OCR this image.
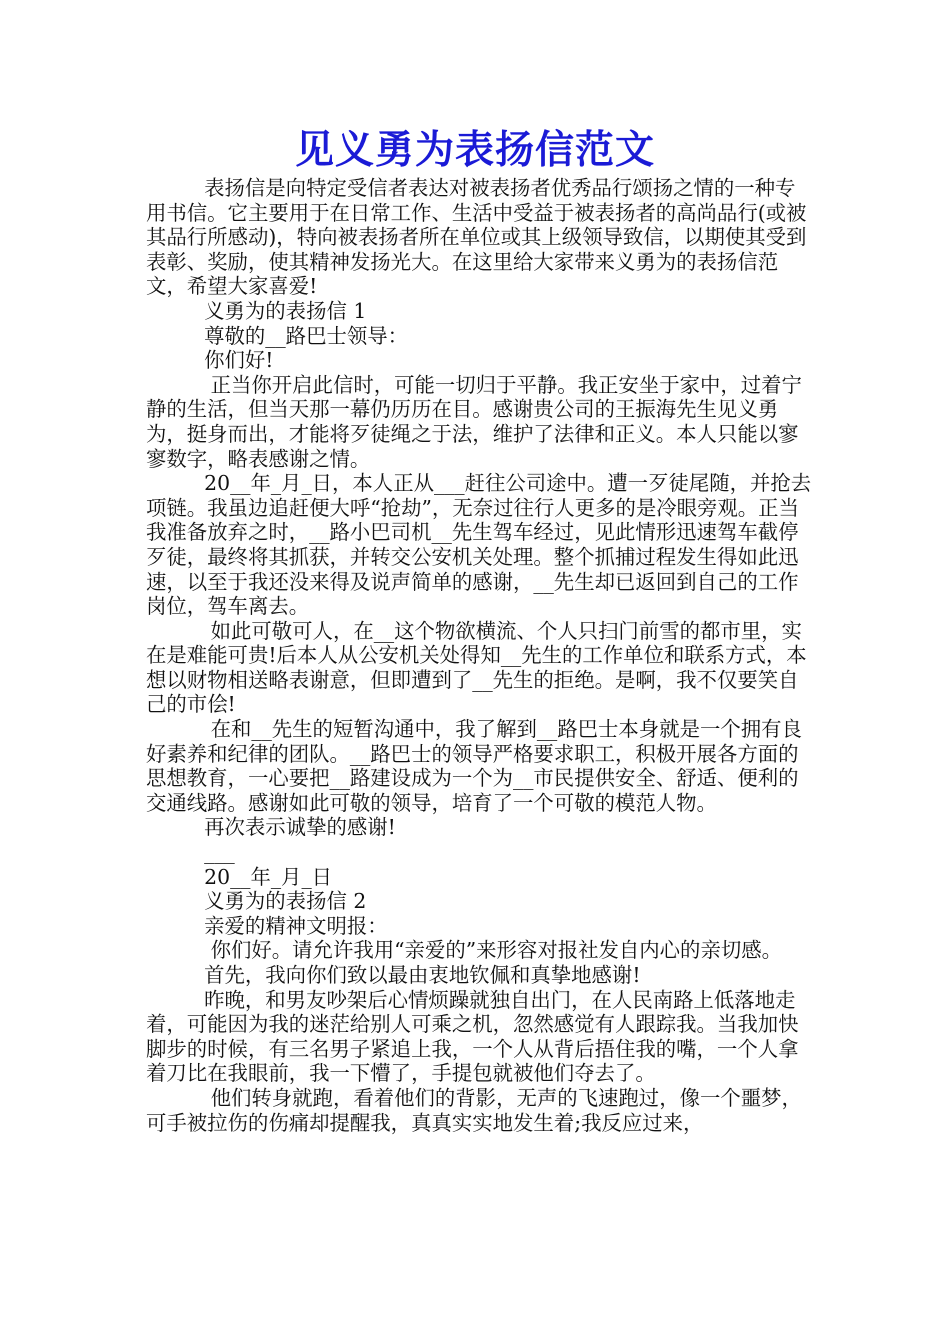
见义勇为表扬信范文

表扬信是向特定受信者表达对被表扬者优秀品行颂扬之情的一种专用书信。它主要用于在日常工作、生活中受益于被表扬者的高尚品行(或被其品行所感动)，特向被表扬者所在单位或其上级领导致信，以期使其受到表彰、奖励，使其精神发扬光大。在这里给大家带来义勇为的表扬信范文，希望大家喜爱!

义勇为的表扬信 1

尊敬的__路巴士领导：

你们好!

正当你开启此信时，可能一切归于平静。我正安坐于家中，过着宁静的生活，但当天那一幕仍历历在目。感谢贵公司的王振海先生见义勇为，挺身而出，才能将歹徒绳之于法，维护了法律和正义。本人只能以寥寥数字，略表感谢之情。

20__年_月_日，本人正从___赶往公司途中。遭一歹徒尾随，并抢去项链。我虽边追赶便大呼“抢劫”，无奈过往行人更多的是冷眼旁观。正当我准备放弃之时，__路小巴司机__先生驾车经过，见此情形迅速驾车截停歹徒，最终将其抓获，并转交公安机关处理。整个抓捕过程发生得如此迅速，以至于我还没来得及说声简单的感谢，__先生却已返回到自己的工作岗位，驾车离去。

如此可敬可人，在__这个物欲横流、个人只扫门前雪的都市里，实在是难能可贵!后本人从公安机关处得知__先生的工作单位和联系方式，本想以财物相送略表谢意，但即遭到了__先生的拒绝。是啊，我不仅要笑自己的市侩!

在和__先生的短暂沟通中，我了解到__路巴士本身就是一个拥有良好素养和纪律的团队。__路巴士的领导严格要求职工，积极开展各方面的思想教育，一心要把__路建设成为一个为__市民提供安全、舒适、便利的交通线路。感谢如此可敬的领导，培育了一个可敬的模范人物。

再次表示诚挚的感谢!

___

20__年_月_日

义勇为的表扬信 2

亲爱的精神文明报：

你们好。请允许我用“亲爱的”来形容对报社发自内心的亲切感。

首先，我向你们致以最由衷地钦佩和真挚地感谢!

昨晚，和男友吵架后心情烦躁就独自出门，在人民南路上低落地走着，可能因为我的迷茫给别人可乘之机，忽然感觉有人跟踪我。当我加快脚步的时候，有三名男子紧追上我，一个人从背后捂住我的嘴，一个人拿着刀比在我眼前，我一下懵了，手提包就被他们夺去了。

他们转身就跑，看着他们的背影，无声的飞速跑过，像一个噩梦，可手被拉伤的伤痛却提醒我，真真实实地发生着;我反应过来，
